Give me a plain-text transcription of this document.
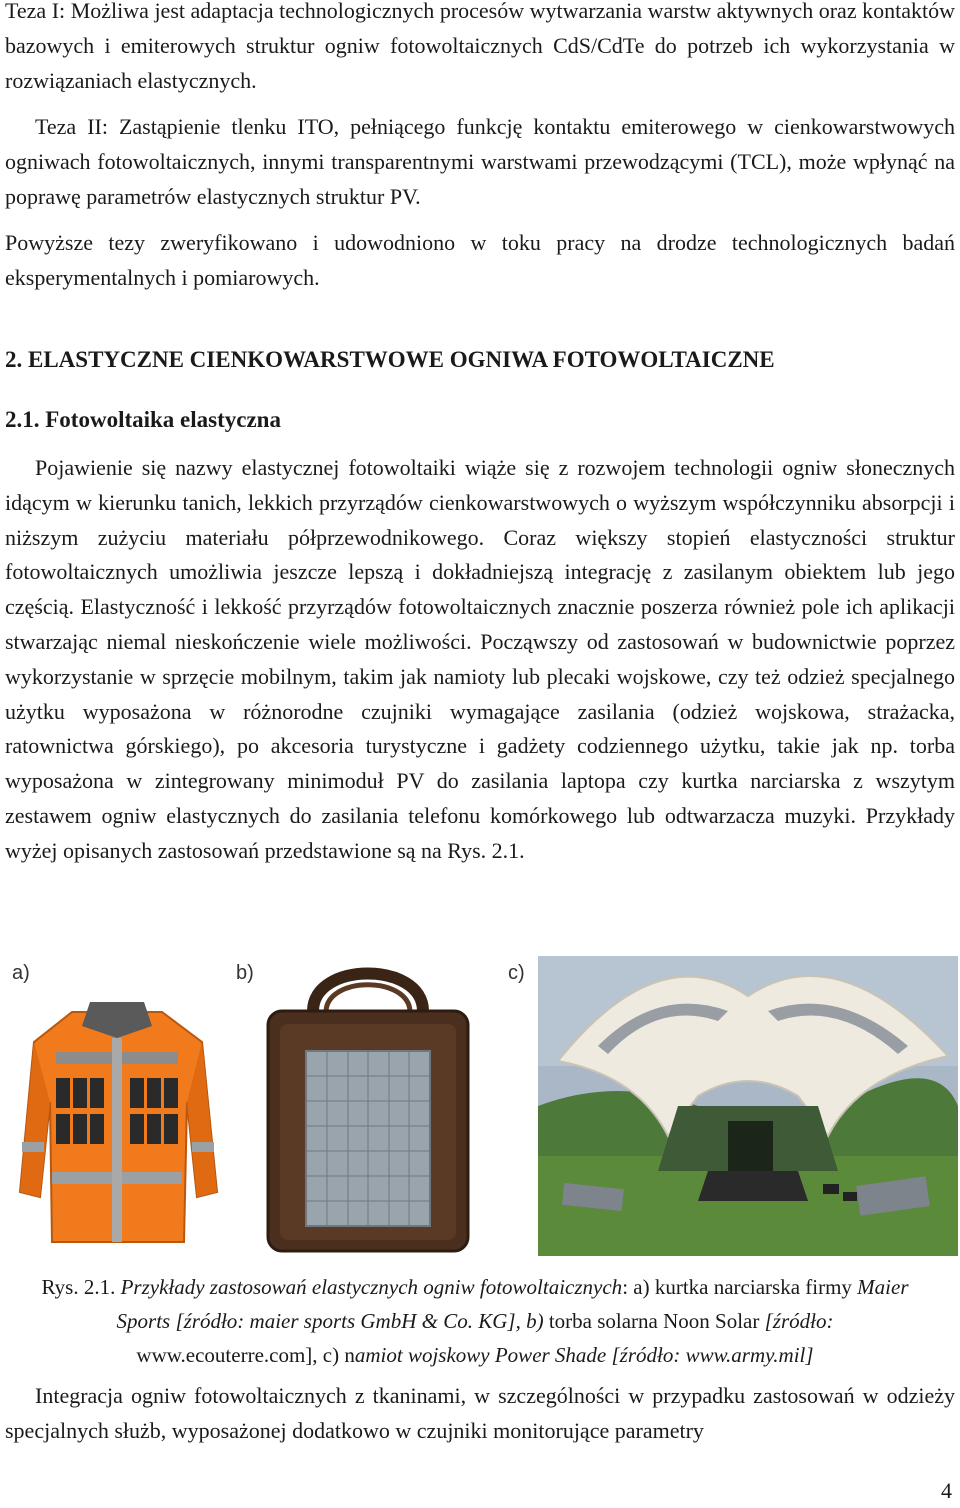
Teza I: Możliwa jest adaptacja technologicznych procesów wytwarzania warstw aktywnych oraz kontaktów bazowych i emiterowych struktur ogniw fotowoltaicznych CdS/CdTe do potrzeb ich wykorzystania w rozwiązaniach elastycznych.

Teza II: Zastąpienie tlenku ITO, pełniącego funkcję kontaktu emiterowego w cienkowarstwowych ogniwach fotowoltaicznych, innymi transparentnymi warstwami przewodzącymi (TCL), może wpłynąć na poprawę parametrów elastycznych struktur PV.

Powyższe tezy zweryfikowano i udowodniono w toku pracy na drodze technologicznych badań eksperymentalnych i pomiarowych.

2. ELASTYCZNE CIENKOWARSTWOWE OGNIWA FOTOWOLTAICZNE
2.1. Fotowoltaika elastyczna

Pojawienie się nazwy elastycznej fotowoltaiki wiąże się z rozwojem technologii ogniw słonecznych idącym w kierunku tanich, lekkich przyrządów cienkowarstwowych o wyższym współczynniku absorpcji i niższym zużyciu materiału półprzewodnikowego. Coraz większy stopień elastyczności struktur fotowoltaicznych umożliwia jeszcze lepszą i dokładniejszą integrację z zasilanym obiektem lub jego częścią. Elastyczność i lekkość przyrządów fotowoltaicznych znacznie poszerza również pole ich aplikacji stwarzając niemal nieskończenie wiele możliwości. Począwszy od zastosowań w budownictwie poprzez wykorzystanie w sprzęcie mobilnym, takim jak namioty lub plecaki wojskowe, czy też odzież specjalnego użytku wyposażona w różnorodne czujniki wymagające zasilania (odzież wojskowa, strażacka, ratownictwa górskiego), po akcesoria turystyczne i gadżety codziennego użytku, takie jak np. torba wyposażona w zintegrowany minimoduł PV do zasilania laptopa czy kurtka narciarska z wszytym zestawem ogniw elastycznych do zasilania telefonu komórkowego lub odtwarzacza muzyki. Przykłady wyżej opisanych zastosowań przedstawione są na Rys. 2.1.

a)	b)	c)
Rys. 2.1. Przykłady zastosowań elastycznych ogniw fotowoltaicznych: a) kurtka narciarska firmy Maier Sports [źródło: maier sports GmbH & Co. KG], b) torba solarna Noon Solar [źródło: www.ecouterre.com], c) namiot wojskowy Power Shade [źródło: www.army.mil]

Integracja ogniw fotowoltaicznych z tkaninami, w szczególności w przypadku zastosowań w odzieży specjalnych służb, wyposażonej dodatkowo w czujniki monitorujące parametry

4
